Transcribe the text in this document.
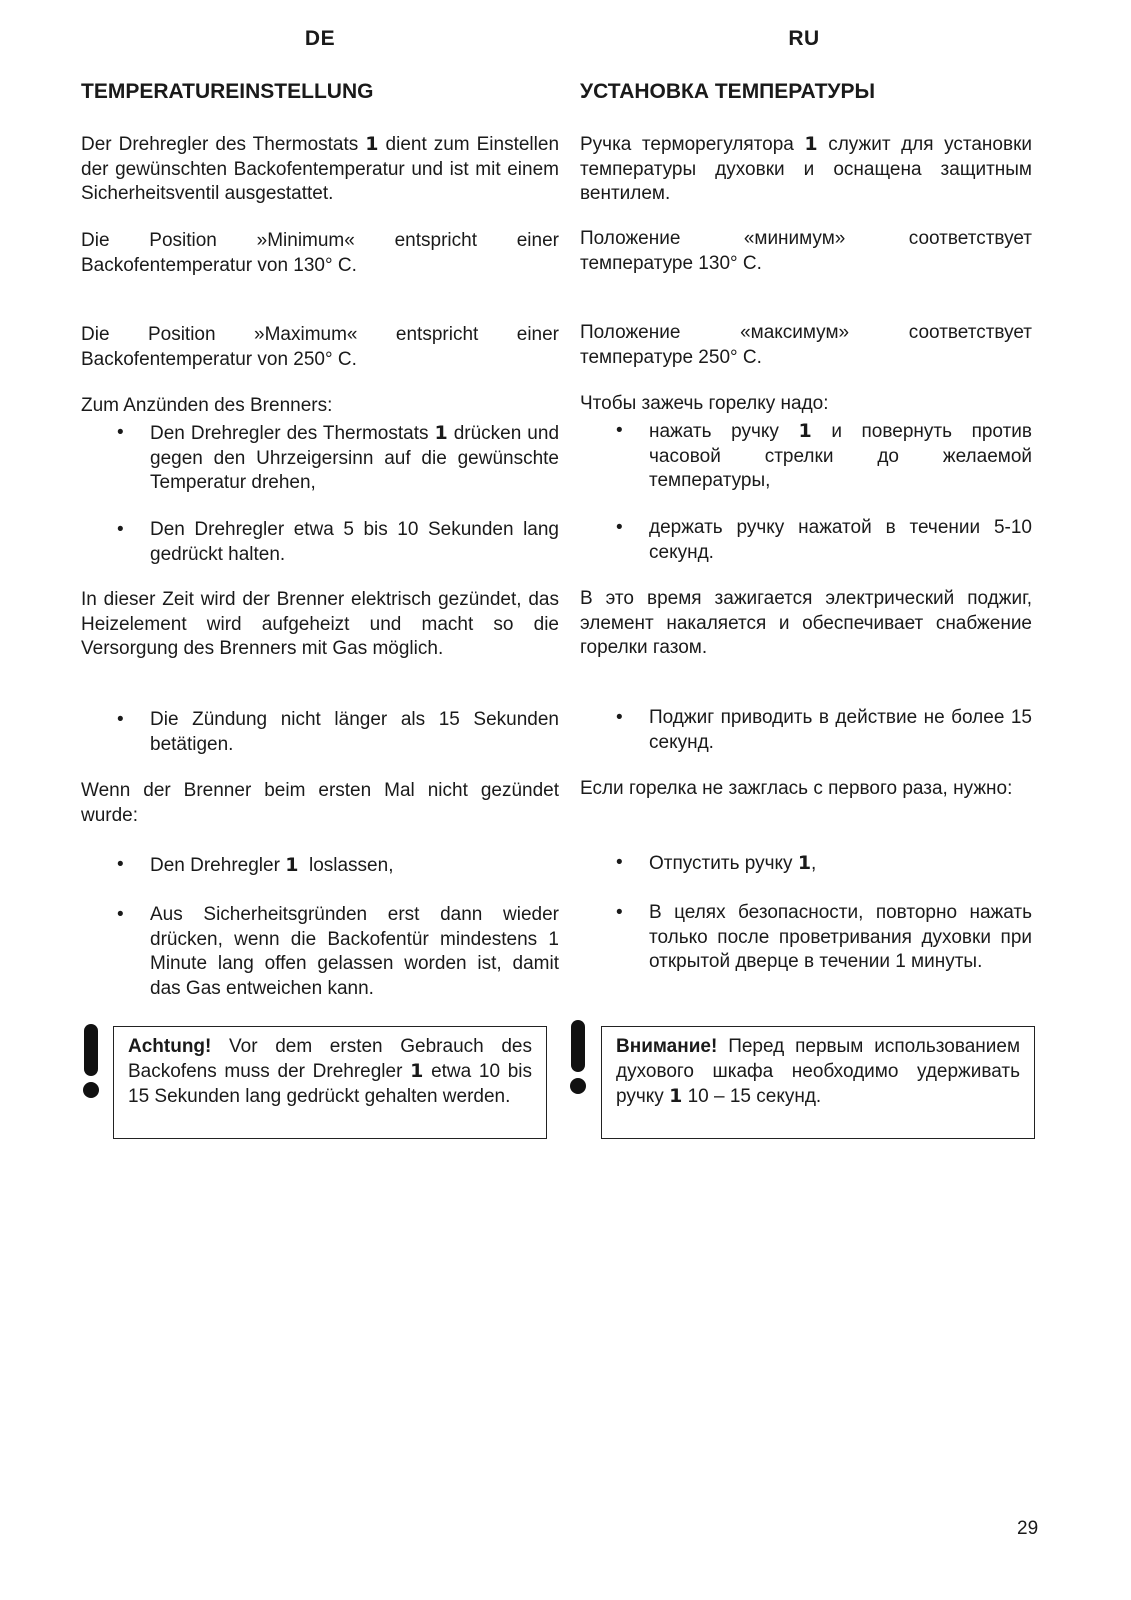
DE
TEMPERATUREINSTELLUNG

Der Drehregler des Thermostats 1 dient zum Einstellen der gewünschten Backofentemperatur und ist mit einem Sicherheitsventil ausgestattet.

Die Position »Minimum« entspricht einer
Backofentemperatur von 130° C.

Die Position »Maximum« entspricht einer
Backofentemperatur von 250° C.

Zum Anzünden des Brenners:

• Den Drehregler des Thermostats 1 drücken und gegen den Uhrzeigersinn auf die gewünschte Temperatur drehen,
• Den Drehregler etwa 5 bis 10 Sekunden lang gedrückt halten.

In dieser Zeit wird der Brenner elektrisch gezündet, das Heizelement wird aufgeheizt und macht so die Versorgung des Brenners mit Gas möglich.

• Die Zündung nicht länger als 15 Sekunden betätigen.

Wenn der Brenner beim ersten Mal nicht gezündet wurde:

• Den Drehregler 1 loslassen,
• Aus Sicherheitsgründen erst dann wieder drücken, wenn die Backofentür mindestens 1 Minute lang offen gelassen worden ist, damit das Gas entweichen kann.
Achtung! Vor dem ersten Gebrauch des Backofens muss der Drehregler 1 etwa 10 bis 15 Sekunden lang gedrückt gehalten werden.
RU
УСТАНОВКА ТЕМПЕРАТУРЫ

Ручка терморегулятора 1 служит для установки температуры духовки и оснащена защитным вентилем.

Положение «минимум» соответствует
температуре 130° C.

Положение «максимум» соответствует
температуре 250° C.

Чтобы зажечь горелку надо:

• нажать ручку 1 и повернуть против часовой стрелки до желаемой температуры,
• держать ручку нажатой в течении 5-10 секунд.

В это время зажигается электрический поджиг, элемент накаляется и обеспечивает снабжение горелки газом.

• Поджиг приводить в действие не более 15 секунд.

Если горелка не зажглась с первого раза, нужно:

• Отпустить ручку 1,
• В целях безопасности, повторно нажать только после проветривания духовки при открытой дверце в течении 1 минуты.
Внимание! Перед первым использованием духового шкафа необходимо удерживать ручку 1 10 – 15 секунд.
29
